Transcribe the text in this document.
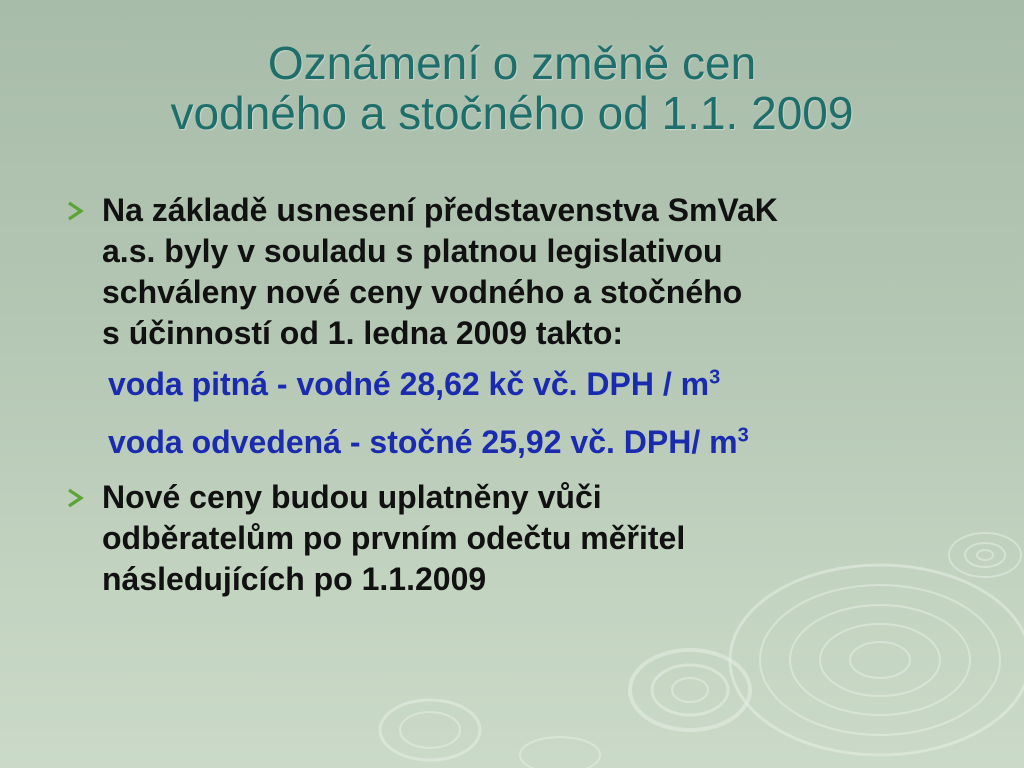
Oznámení o změně cen
vodného a stočného od 1.1. 2009
Na základě usnesení představenstva SmVaK
a.s. byly v souladu s platnou legislativou
schváleny nové ceny vodného a stočného
s účinností od 1. ledna 2009 takto:
voda pitná - vodné 28,62 kč vč. DPH / $m^3$
voda odvedená - stočné 25,92 vč. DPH/ $m^3$
Nové ceny budou uplatněny vůči
odběratelům po prvním odečtu měřitel
následujících po 1.1.2009
